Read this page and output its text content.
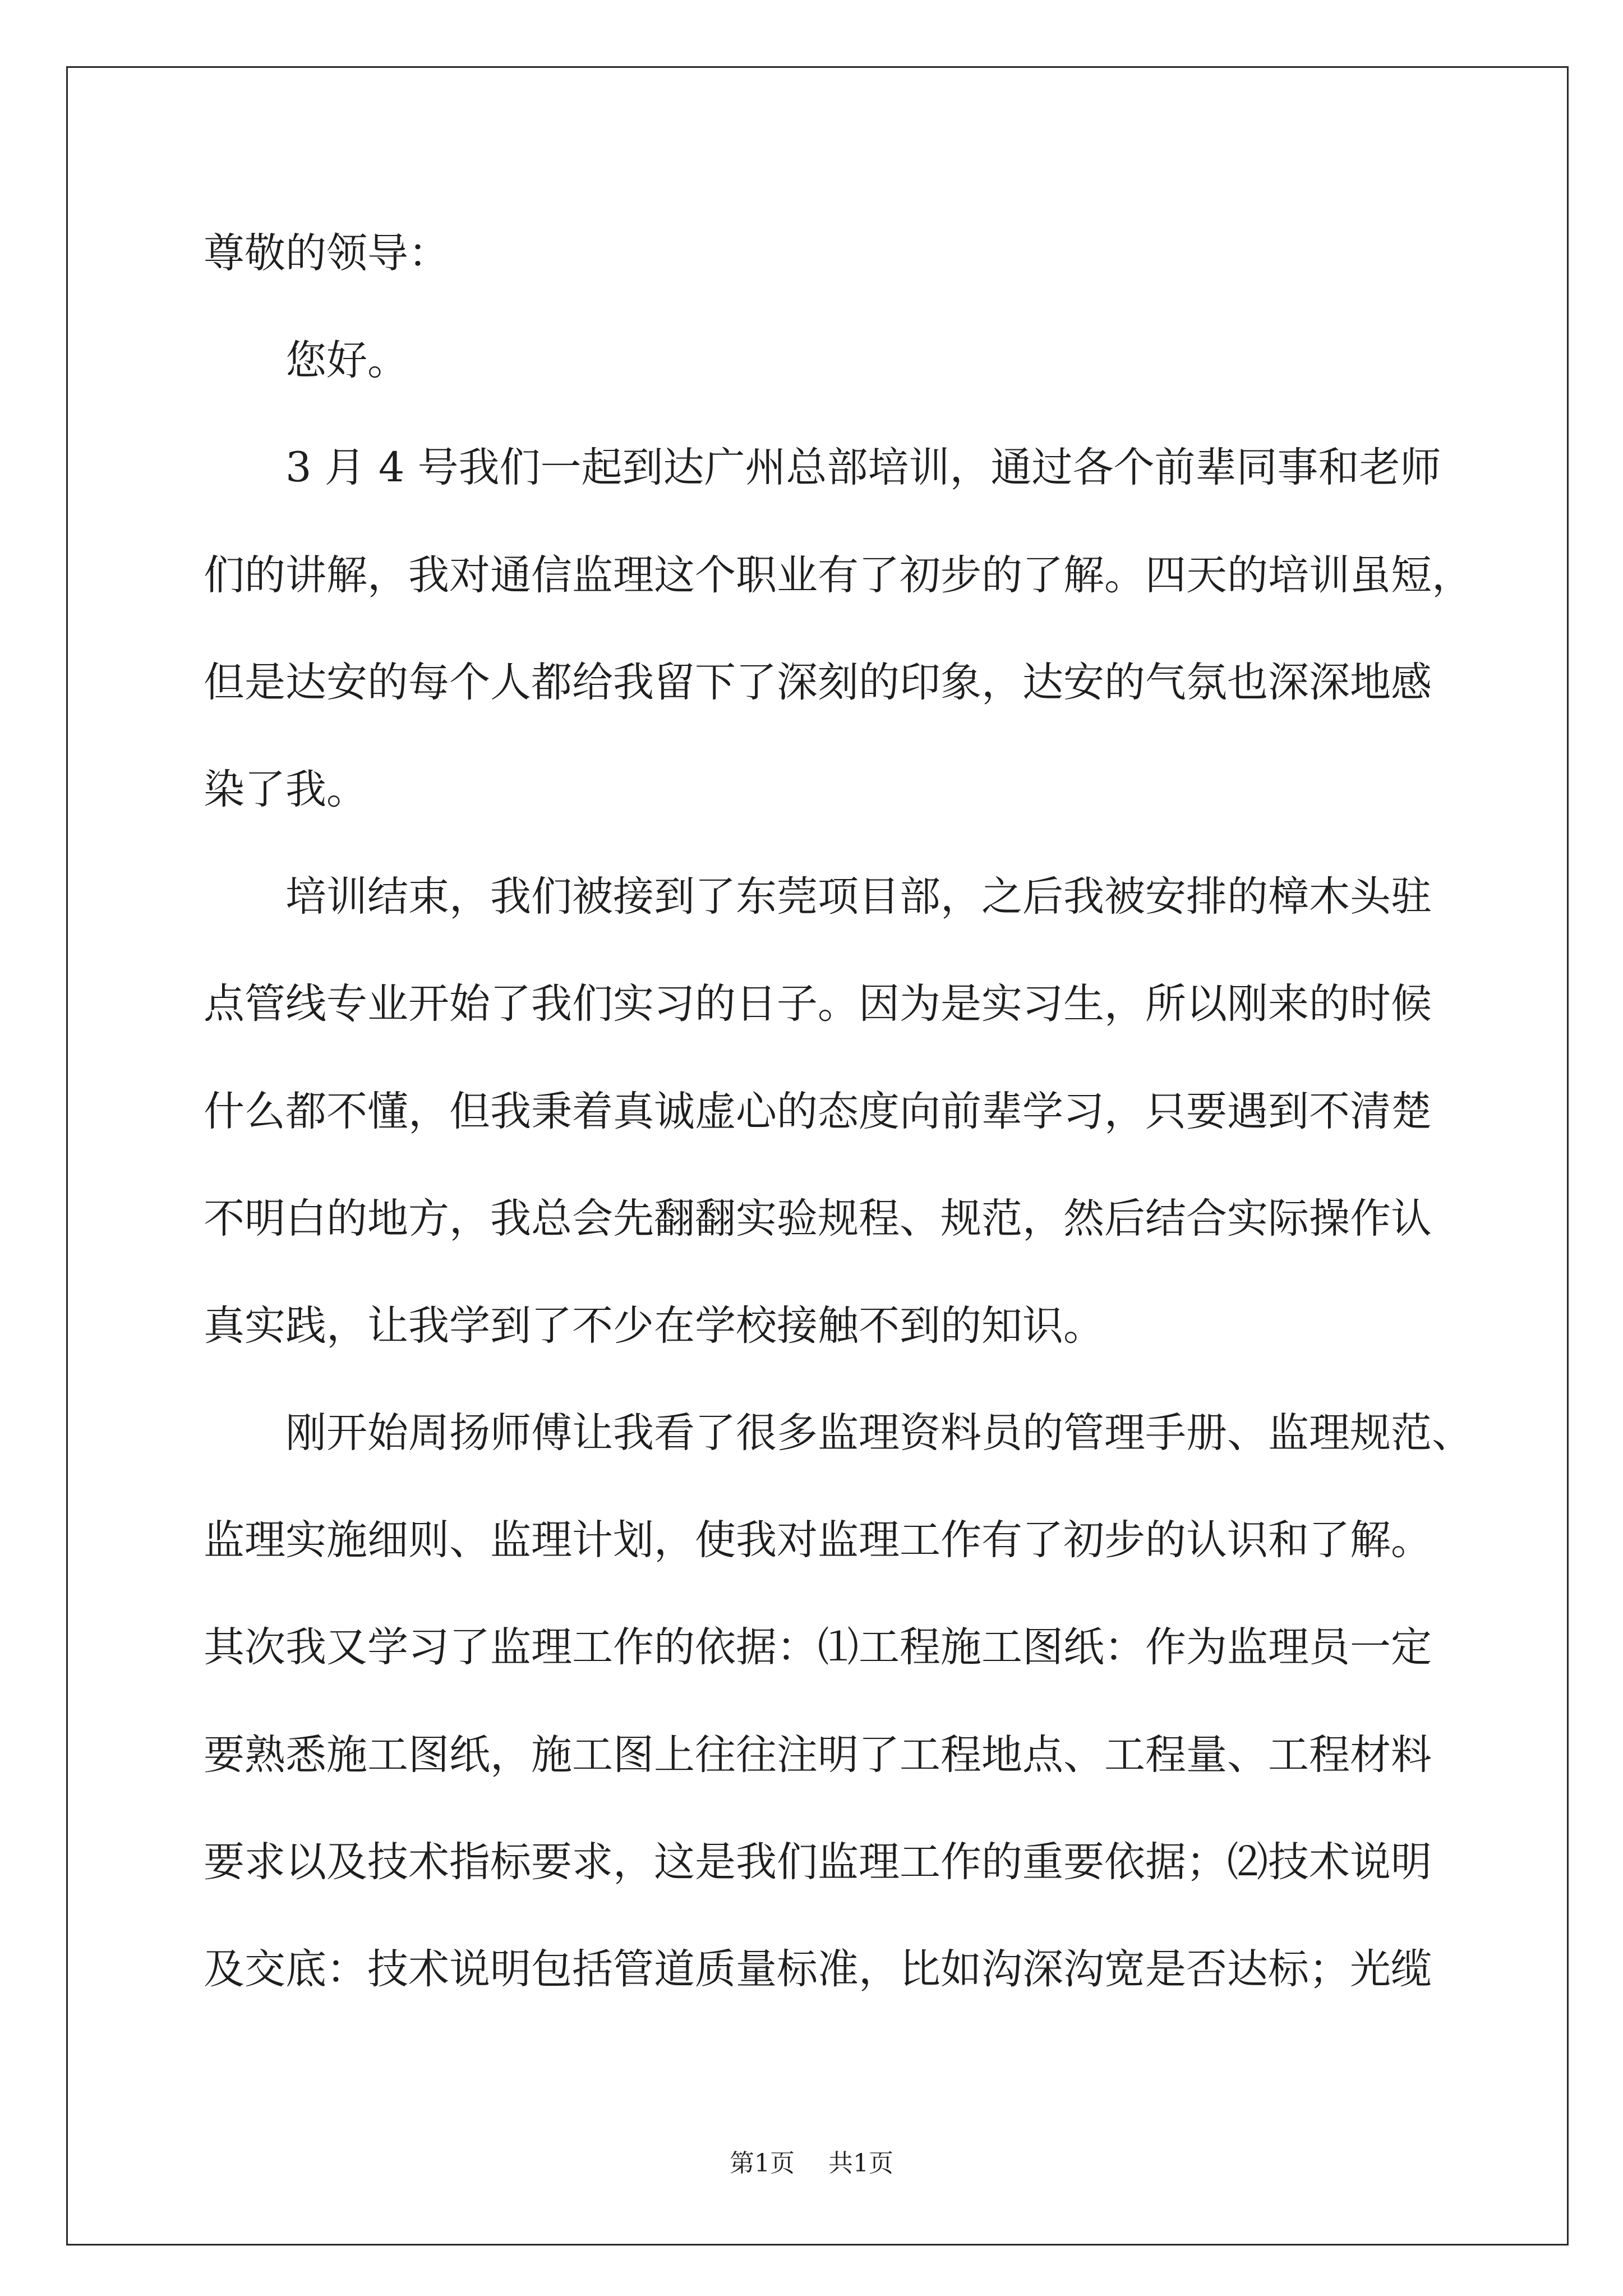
尊敬的领导：
您好。
3 月 4 号我们一起到达广州总部培训，通过各个前辈同事和老师
们的讲解，我对通信监理这个职业有了初步的了解。四天的培训虽短，
但是达安的每个人都给我留下了深刻的印象，达安的气氛也深深地感
染了我。
培训结束，我们被接到了东莞项目部，之后我被安排的樟木头驻
点管线专业开始了我们实习的日子。因为是实习生，所以刚来的时候
什么都不懂，但我秉着真诚虚心的态度向前辈学习，只要遇到不清楚
不明白的地方，我总会先翻翻实验规程、规范，然后结合实际操作认
真实践，让我学到了不少在学校接触不到的知识。
刚开始周扬师傅让我看了很多监理资料员的管理手册、监理规范、
监理实施细则、监理计划，使我对监理工作有了初步的认识和了解。
其次我又学习了监理工作的依据：⑴工程施工图纸：作为监理员一定
要熟悉施工图纸，施工图上往往注明了工程地点、工程量、工程材料
要求以及技术指标要求，这是我们监理工作的重要依据；⑵技术说明
及交底：技术说明包括管道质量标准，比如沟深沟宽是否达标；光缆
第1页 共1页
